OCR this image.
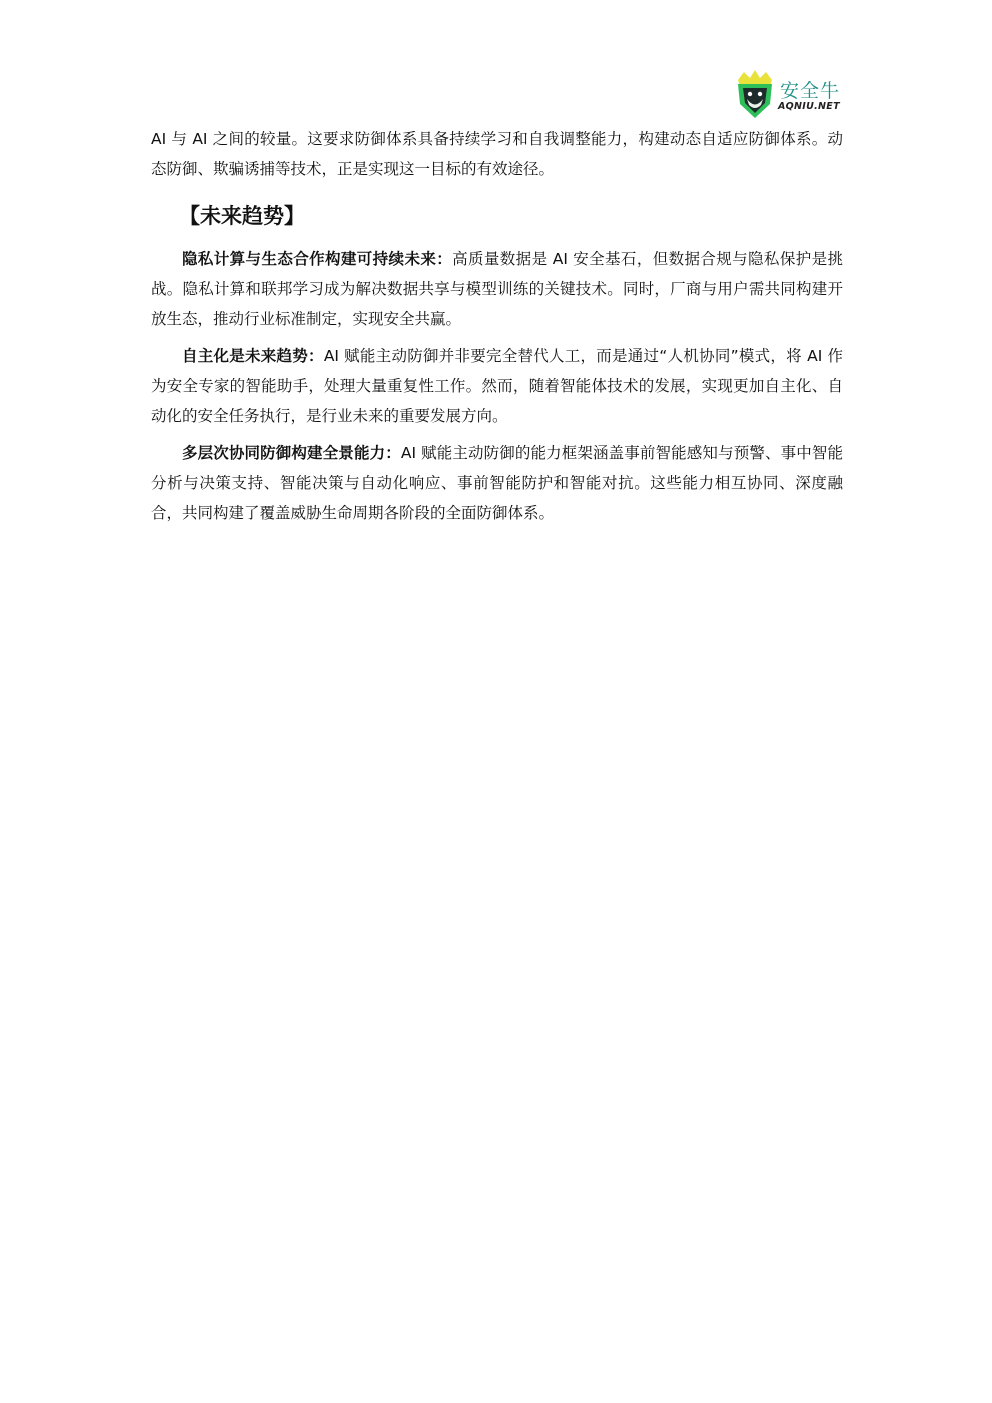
安全牛
AQNIU.NET

AI 与 AI 之间的较量。这要求防御体系具备持续学习和自我调整能力，构建动态自适应防御体系。动态防御、欺骗诱捕等技术，正是实现这一目标的有效途径。

【未来趋势】

隐私计算与生态合作构建可持续未来：高质量数据是 AI 安全基石，但数据合规与隐私保护是挑战。隐私计算和联邦学习成为解决数据共享与模型训练的关键技术。同时，厂商与用户需共同构建开放生态，推动行业标准制定，实现安全共赢。

自主化是未来趋势：AI 赋能主动防御并非要完全替代人工，而是通过“人机协同”模式，将 AI 作为安全专家的智能助手，处理大量重复性工作。然而，随着智能体技术的发展，实现更加自主化、自动化的安全任务执行，是行业未来的重要发展方向。

多层次协同防御构建全景能力：AI 赋能主动防御的能力框架涵盖事前智能感知与预警、事中智能分析与决策支持、智能决策与自动化响应、事前智能防护和智能对抗。这些能力相互协同、深度融合，共同构建了覆盖威胁生命周期各阶段的全面防御体系。
